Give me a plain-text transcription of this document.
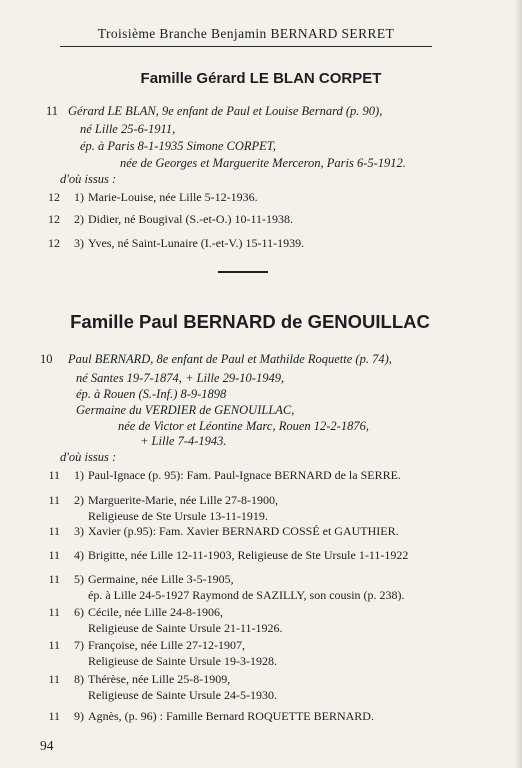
Troisième Branche Benjamin BERNARD SERRET
Famille Gérard LE BLAN CORPET
11 Gérard LE BLAN, 9e enfant de Paul et Louise Bernard (p. 90),
né Lille 25-6-1911,
ép. à Paris 8-1-1935 Simone CORPET,
née de Georges et Marguerite Merceron, Paris 6-5-1912.
d'où issus :
12	1) Marie-Louise, née Lille 5-12-1936.
12	2) Didier, né Bougival (S.-et-O.) 10-11-1938.
12	3) Yves, né Saint-Lunaire (I.-et-V.) 15-11-1939.
Famille Paul BERNARD de GENOUILLAC
10 Paul BERNARD, 8e enfant de Paul et Mathilde Roquette (p. 74),
né Santes 19-7-1874, + Lille 29-10-1949,
ép. à Rouen (S.-Inf.) 8-9-1898
Germaine du VERDIER de GENOUILLAC,
née de Victor et Léontine Marc, Rouen 12-2-1876,
+ Lille 7-4-1943.
d'où issus :
11	1) Paul-Ignace (p. 95): Fam. Paul-Ignace BERNARD de la SERRE.
11	2) Marguerite-Marie, née Lille 27-8-1900,
Religieuse de Ste Ursule 13-11-1919.
11	3) Xavier (p.95): Fam. Xavier BERNARD COSSÉ et GAUTHIER.
11	4) Brigitte, née Lille 12-11-1903, Religieuse de Ste Ursule 1-11-1922
11	5) Germaine, née Lille 3-5-1905,
ép. à Lille 24-5-1927 Raymond de SAZILLY, son cousin (p. 238).
11	6) Cécile, née Lille 24-8-1906,
Religieuse de Sainte Ursule 21-11-1926.
11	7) Françoise, née Lille 27-12-1907,
Religieuse de Sainte Ursule 19-3-1928.
11	8) Thérèse, née Lille 25-8-1909,
Religieuse de Sainte Ursule 24-5-1930.
11	9) Agnès, (p. 96) : Famille Bernard ROQUETTE BERNARD.
94
